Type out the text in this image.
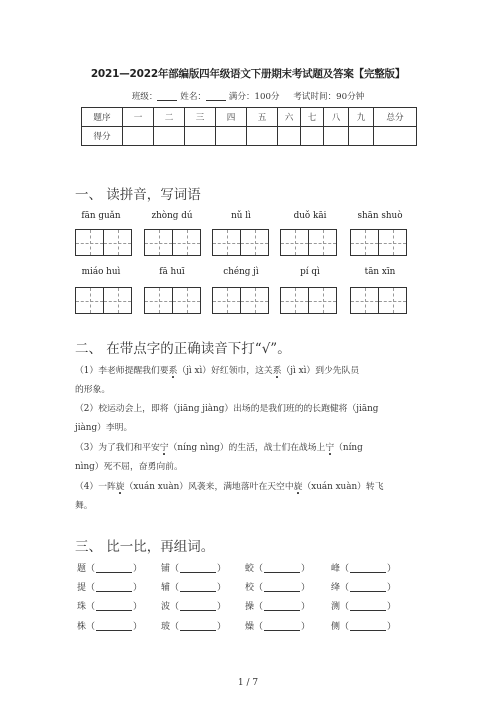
2021—2022年部编版四年级语文下册期末考试题及答案【完整版】
班级：	姓名：	满分：100分 考试时间：90分钟
题序	一	二	三	四	五	六	七	八	九	总分
得分										
一、 读拼音，写词语
fān guǎn	zhòng dú	nǔ lì	duǒ kāi	shān shuò
miáo huì	fā huī	chéng jì	pí qì	tān xīn
二、 在带点字的正确读音下打“√”。
（1）李老师提醒我们要系（jì xì）好红领巾，这关系（jì xì）到少先队员
的形象。
（2）校运动会上，即将（jiāng jiàng）出场的是我们班的的长跑健将（jiāng
jiàng）李明。
（3）为了我们和平安宁（níng nìng）的生活，战士们在战场上宁（níng
nìng）死不屈，奋勇向前。
（4）一阵旋（xuán xuàn）风袭来，满地落叶在天空中旋（xuán xuàn）转飞
舞。
三、 比一比，再组词。
题（	） 铺（	） 蛟（	） 峰（	）
提（	） 辅（	） 校（	） 绛（	）
珠（	） 波（	） 操（	） 测（	）
株（	） 玻（	） 燥（	） 侧（	）
1 / 7
